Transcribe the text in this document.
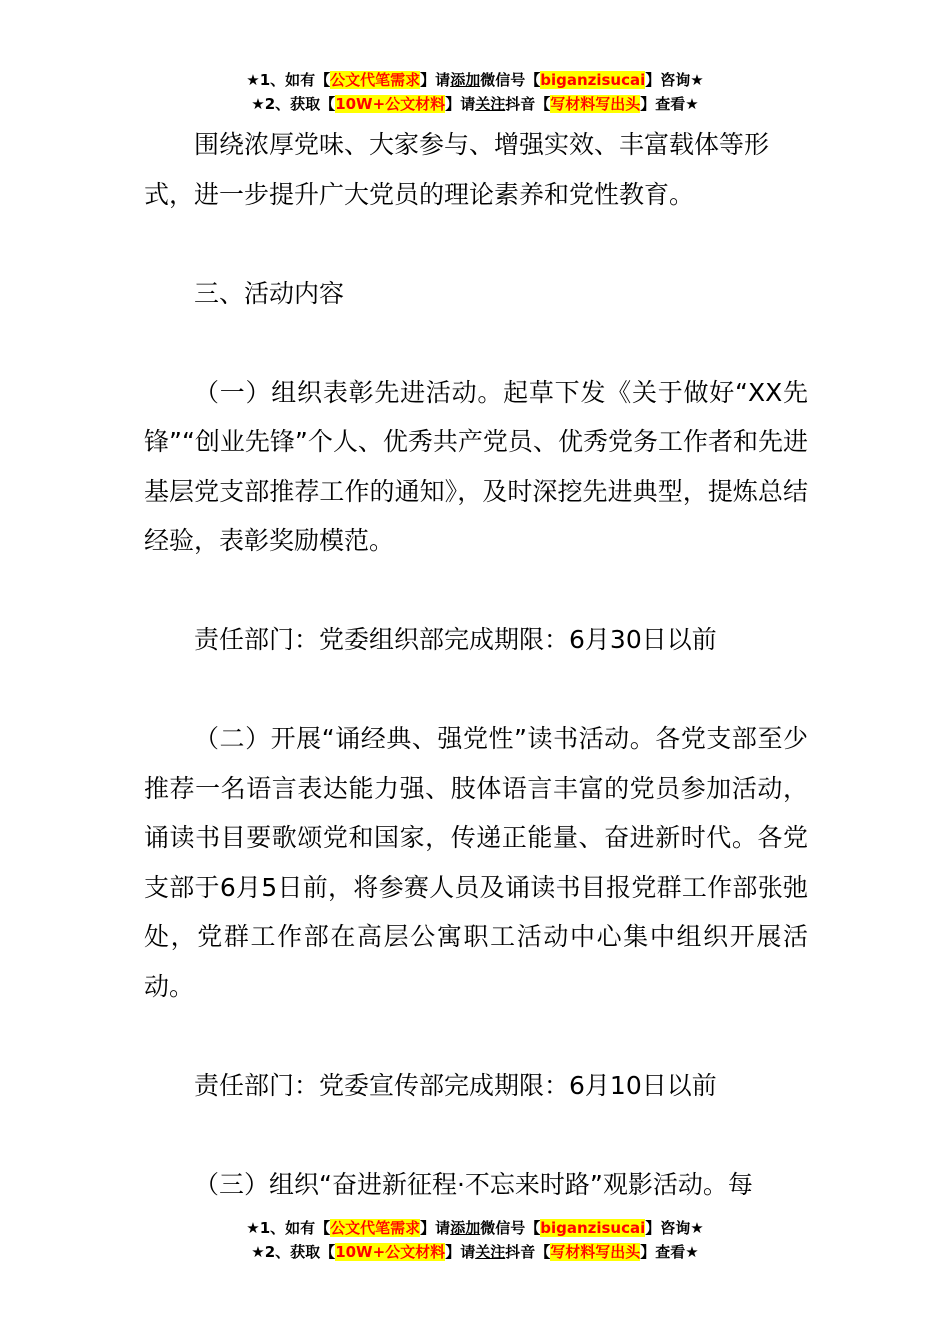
★1、如有【公文代笔需求】请添加微信号【biganzisucai】咨询★
★2、获取【10W+公文材料】请关注抖音【写材料写出头】查看★

围绕浓厚党味、大家参与、增强实效、丰富载体等形

式，进一步提升广大党员的理论素养和党性教育。

三、活动内容

（一）组织表彰先进活动。起草下发《关于做好“XX先锋”“创业先锋”个人、优秀共产党员、优秀党务工作者和先进基层党支部推荐工作的通知》，及时深挖先进典型，提炼总结经验，表彰奖励模范。

责任部门：党委组织部完成期限：6月30日以前

（二）开展“诵经典、强党性”读书活动。各党支部至少推荐一名语言表达能力强、肢体语言丰富的党员参加活动，诵读书目要歌颂党和国家，传递正能量、奋进新时代。各党支部于6月5日前，将参赛人员及诵读书目报党群工作部张弛处，党群工作部在高层公寓职工活动中心集中组织开展活动。

责任部门：党委宣传部完成期限：6月10日以前

（三）组织“奋进新征程·不忘来时路”观影活动。每

★1、如有【公文代笔需求】请添加微信号【biganzisucai】咨询★
★2、获取【10W+公文材料】请关注抖音【写材料写出头】查看★
